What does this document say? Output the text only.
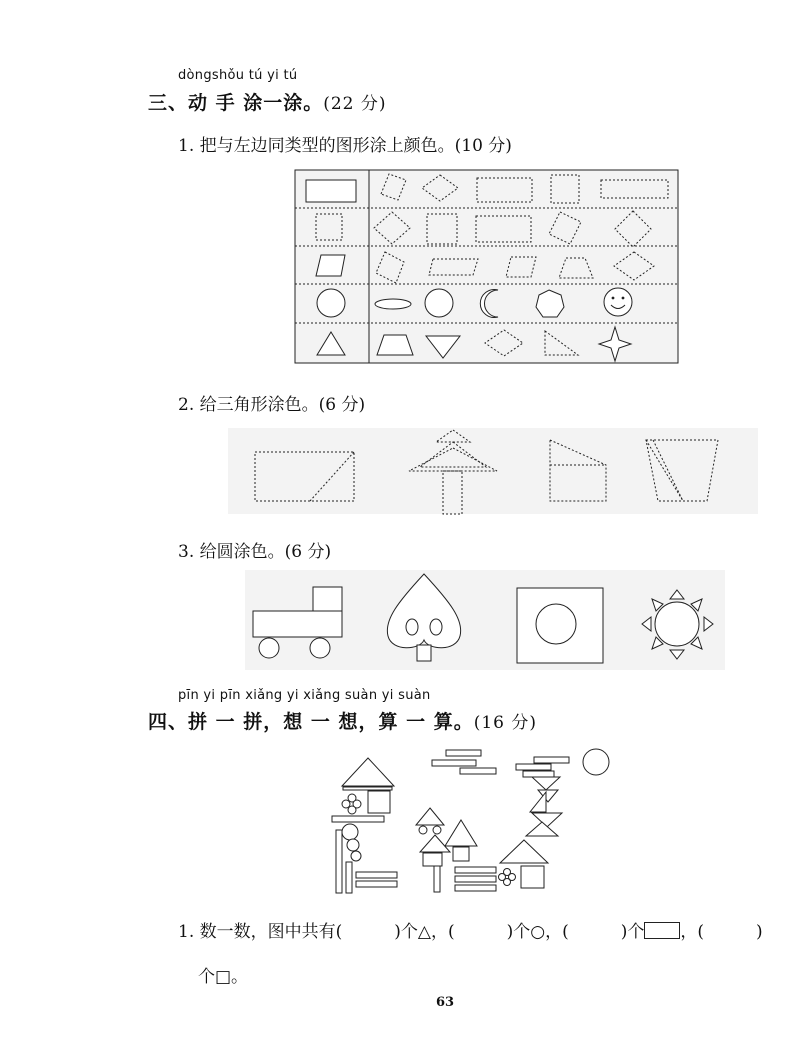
dòngshǒu tú yi tú
三、动 手 涂一涂。(22 分)
1. 把与左边同类型的图形涂上颜色。(10 分)
2. 给三角形涂色。(6 分)
3. 给圆涂色。(6 分)
pīn yi pīn xiǎng yi xiǎng suàn yi suàn
四、拼 一 拼，想 一 想，算 一 算。(16 分)
1. 数一数，图中共有(	)个△，(	)个○，(	)个 ，(	)
个□。
63
